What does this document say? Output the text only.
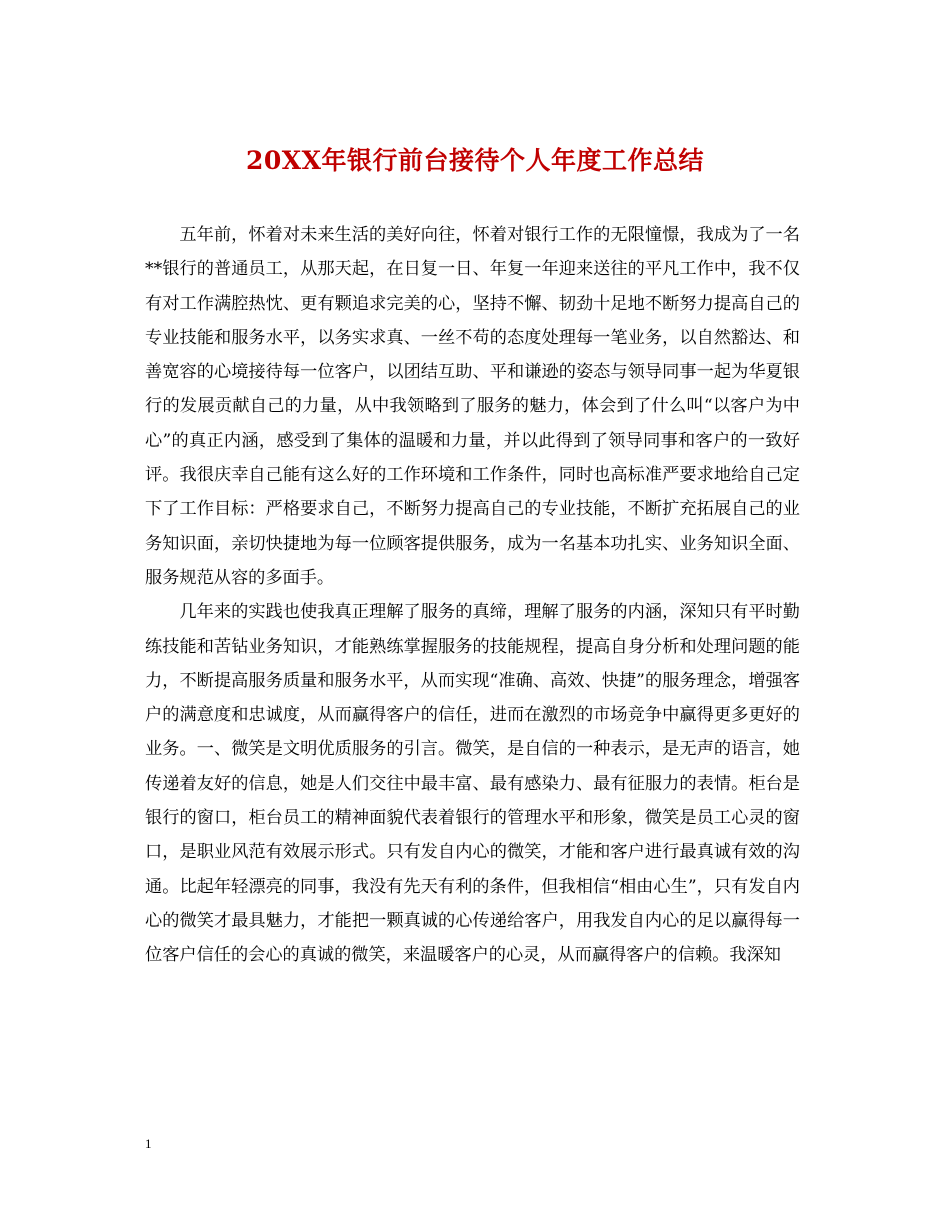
20XX年银行前台接待个人年度工作总结

五年前，怀着对未来生活的美好向往，怀着对银行工作的无限憧憬，我成为了一名**银行的普通员工，从那天起，在日复一日、年复一年迎来送往的平凡工作中，我不仅有对工作满腔热忱、更有颗追求完美的心，坚持不懈、韧劲十足地不断努力提高自己的专业技能和服务水平，以务实求真、一丝不苟的态度处理每一笔业务，以自然豁达、和善宽容的心境接待每一位客户，以团结互助、平和谦逊的姿态与领导同事一起为华夏银行的发展贡献自己的力量，从中我领略到了服务的魅力，体会到了什么叫“以客户为中心”的真正内涵，感受到了集体的温暖和力量，并以此得到了领导同事和客户的一致好评。我很庆幸自己能有这么好的工作环境和工作条件，同时也高标准严要求地给自己定下了工作目标：严格要求自己，不断努力提高自己的专业技能，不断扩充拓展自己的业务知识面，亲切快捷地为每一位顾客提供服务，成为一名基本功扎实、业务知识全面、服务规范从容的多面手。

几年来的实践也使我真正理解了服务的真缔，理解了服务的内涵，深知只有平时勤练技能和苦钻业务知识，才能熟练掌握服务的技能规程，提高自身分析和处理问题的能力，不断提高服务质量和服务水平，从而实现“准确、高效、快捷”的服务理念，增强客户的满意度和忠诚度，从而赢得客户的信任，进而在激烈的市场竞争中赢得更多更好的业务。一、微笑是文明优质服务的引言。微笑，是自信的一种表示，是无声的语言，她传递着友好的信息，她是人们交往中最丰富、最有感染力、最有征服力的表情。柜台是银行的窗口，柜台员工的精神面貌代表着银行的管理水平和形象，微笑是员工心灵的窗口，是职业风范有效展示形式。只有发自内心的微笑，才能和客户进行最真诚有效的沟通。比起年轻漂亮的同事，我没有先天有利的条件，但我相信“相由心生”，只有发自内心的微笑才最具魅力，才能把一颗真诚的心传递给客户，用我发自内心的足以赢得每一位客户信任的会心的真诚的微笑，来温暖客户的心灵，从而赢得客户的信赖。我深知

1
